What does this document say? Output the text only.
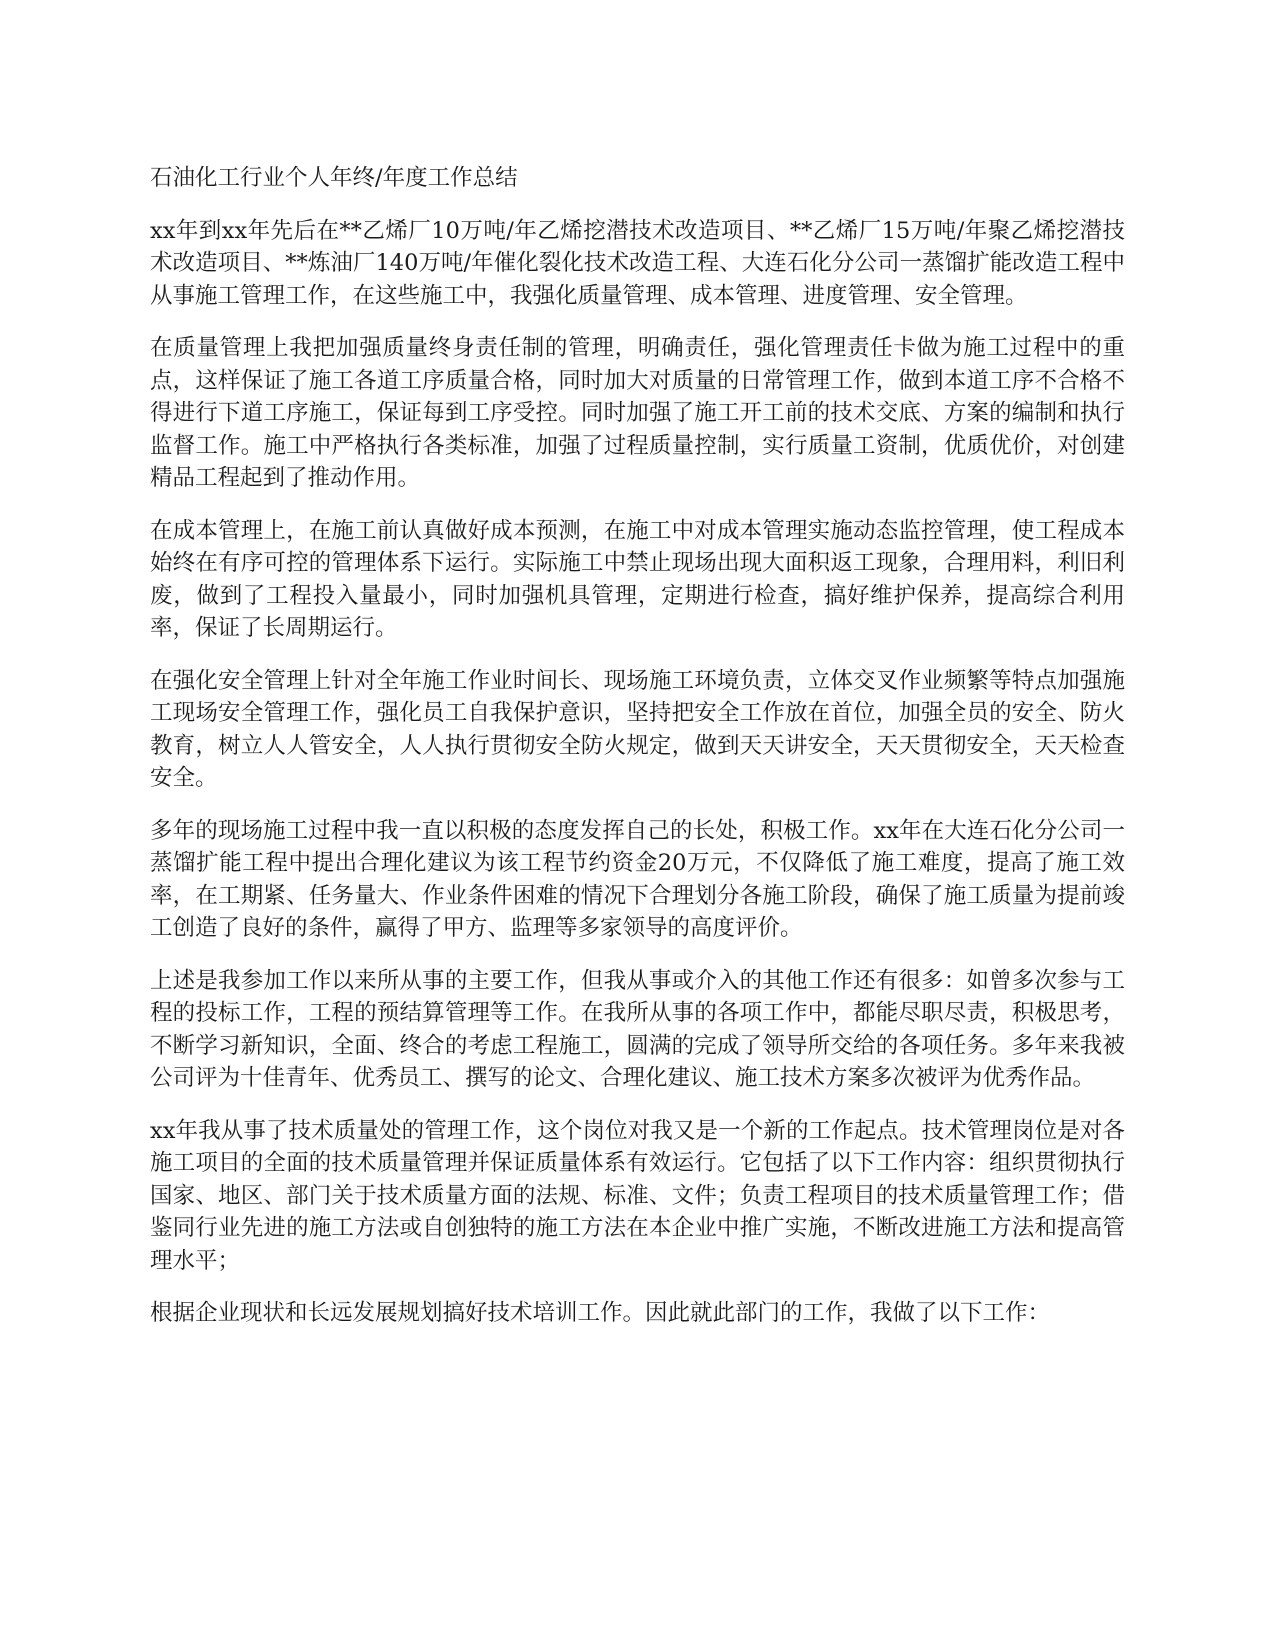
石油化工行业个人年终/年度工作总结

xx年到xx年先后在**乙烯厂10万吨/年乙烯挖潜技术改造项目、**乙烯厂15万吨/年聚乙烯挖潜技术改造项目、**炼油厂140万吨/年催化裂化技术改造工程、大连石化分公司一蒸馏扩能改造工程中从事施工管理工作，在这些施工中，我强化质量管理、成本管理、进度管理、安全管理。

在质量管理上我把加强质量终身责任制的管理，明确责任，强化管理责任卡做为施工过程中的重点，这样保证了施工各道工序质量合格，同时加大对质量的日常管理工作，做到本道工序不合格不得进行下道工序施工，保证每到工序受控。同时加强了施工开工前的技术交底、方案的编制和执行监督工作。施工中严格执行各类标准，加强了过程质量控制，实行质量工资制，优质优价，对创建精品工程起到了推动作用。

在成本管理上，在施工前认真做好成本预测，在施工中对成本管理实施动态监控管理，使工程成本始终在有序可控的管理体系下运行。实际施工中禁止现场出现大面积返工现象，合理用料，利旧利废，做到了工程投入量最小，同时加强机具管理，定期进行检查，搞好维护保养，提高综合利用率，保证了长周期运行。

在强化安全管理上针对全年施工作业时间长、现场施工环境负责，立体交叉作业频繁等特点加强施工现场安全管理工作，强化员工自我保护意识，坚持把安全工作放在首位，加强全员的安全、防火教育，树立人人管安全，人人执行贯彻安全防火规定，做到天天讲安全，天天贯彻安全，天天检查安全。

多年的现场施工过程中我一直以积极的态度发挥自己的长处，积极工作。xx年在大连石化分公司一蒸馏扩能工程中提出合理化建议为该工程节约资金20万元，不仅降低了施工难度，提高了施工效率，在工期紧、任务量大、作业条件困难的情况下合理划分各施工阶段，确保了施工质量为提前竣工创造了良好的条件，赢得了甲方、监理等多家领导的高度评价。

上述是我参加工作以来所从事的主要工作，但我从事或介入的其他工作还有很多：如曾多次参与工程的投标工作，工程的预结算管理等工作。在我所从事的各项工作中，都能尽职尽责，积极思考，不断学习新知识，全面、终合的考虑工程施工，圆满的完成了领导所交给的各项任务。多年来我被公司评为十佳青年、优秀员工、撰写的论文、合理化建议、施工技术方案多次被评为优秀作品。

xx年我从事了技术质量处的管理工作，这个岗位对我又是一个新的工作起点。技术管理岗位是对各施工项目的全面的技术质量管理并保证质量体系有效运行。它包括了以下工作内容：组织贯彻执行国家、地区、部门关于技术质量方面的法规、标准、文件；负责工程项目的技术质量管理工作；借鉴同行业先进的施工方法或自创独特的施工方法在本企业中推广实施，不断改进施工方法和提高管理水平；

根据企业现状和长远发展规划搞好技术培训工作。因此就此部门的工作，我做了以下工作：
